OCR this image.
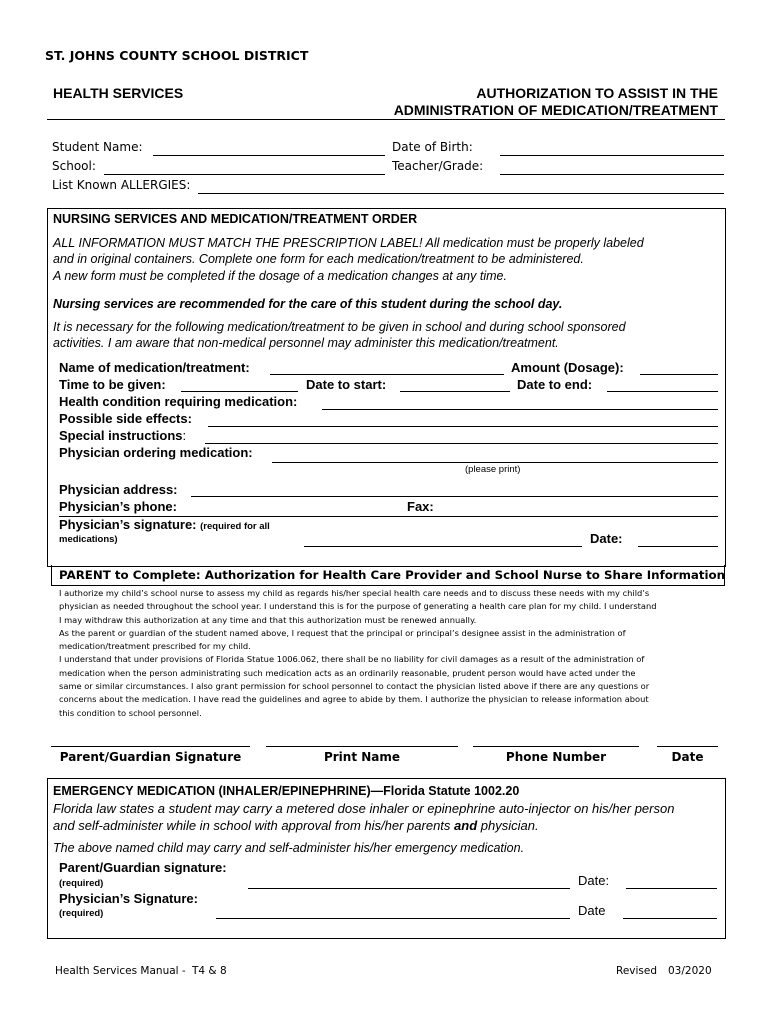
ST. JOHNS COUNTY SCHOOL DISTRICT
HEALTH SERVICES	AUTHORIZATION TO ASSIST IN THE
ADMINISTRATION OF MEDICATION/TREATMENT
Student Name:	Date of Birth:
School:	Teacher/Grade:
List Known ALLERGIES:
NURSING SERVICES AND MEDICATION/TREATMENT ORDER
ALL INFORMATION MUST MATCH THE PRESCRIPTION LABEL! All medication must be properly labeled
and in original containers. Complete one form for each medication/treatment to be administered.
A new form must be completed if the dosage of a medication changes at any time.
Nursing services are recommended for the care of this student during the school day.
It is necessary for the following medication/treatment to be given in school and during school sponsored
activities. I am aware that non-medical personnel may administer this medication/treatment.
Name of medication/treatment:	Amount (Dosage):
Time to be given:	Date to start:	Date to end:
Health condition requiring medication:
Possible side effects:
Special instructions:
Physician ordering medication:
(please print)
Physician address:
Physician’s phone:	Fax:
Physician’s signature: (required for all
medications)	Date:
PARENT to Complete: Authorization for Health Care Provider and School Nurse to Share Information
I authorize my child’s school nurse to assess my child as regards his/her special health care needs and to discuss these needs with my child’s
physician as needed throughout the school year. I understand this is for the purpose of generating a health care plan for my child. I understand
I may withdraw this authorization at any time and that this authorization must be renewed annually.
As the parent or guardian of the student named above, I request that the principal or principal’s designee assist in the administration of
medication/treatment prescribed for my child.
I understand that under provisions of Florida Statue 1006.062, there shall be no liability for civil damages as a result of the administration of
medication when the person administrating such medication acts as an ordinarily reasonable, prudent person would have acted under the
same or similar circumstances. I also grant permission for school personnel to contact the physician listed above if there are any questions or
concerns about the medication. I have read the guidelines and agree to abide by them. I authorize the physician to release information about
this condition to school personnel.
Parent/Guardian Signature	Print Name	Phone Number	Date
EMERGENCY MEDICATION (INHALER/EPINEPHRINE)—Florida Statute 1002.20
Florida law states a student may carry a metered dose inhaler or epinephrine auto-injector on his/her person
and self-administer while in school with approval from his/her parents and physician.
The above named child may carry and self-administer his/her emergency medication.
Parent/Guardian signature:
(required)	Date:
Physician’s Signature:
(required)	Date
Health Services Manual - T4 & 8	Revised 03/2020
